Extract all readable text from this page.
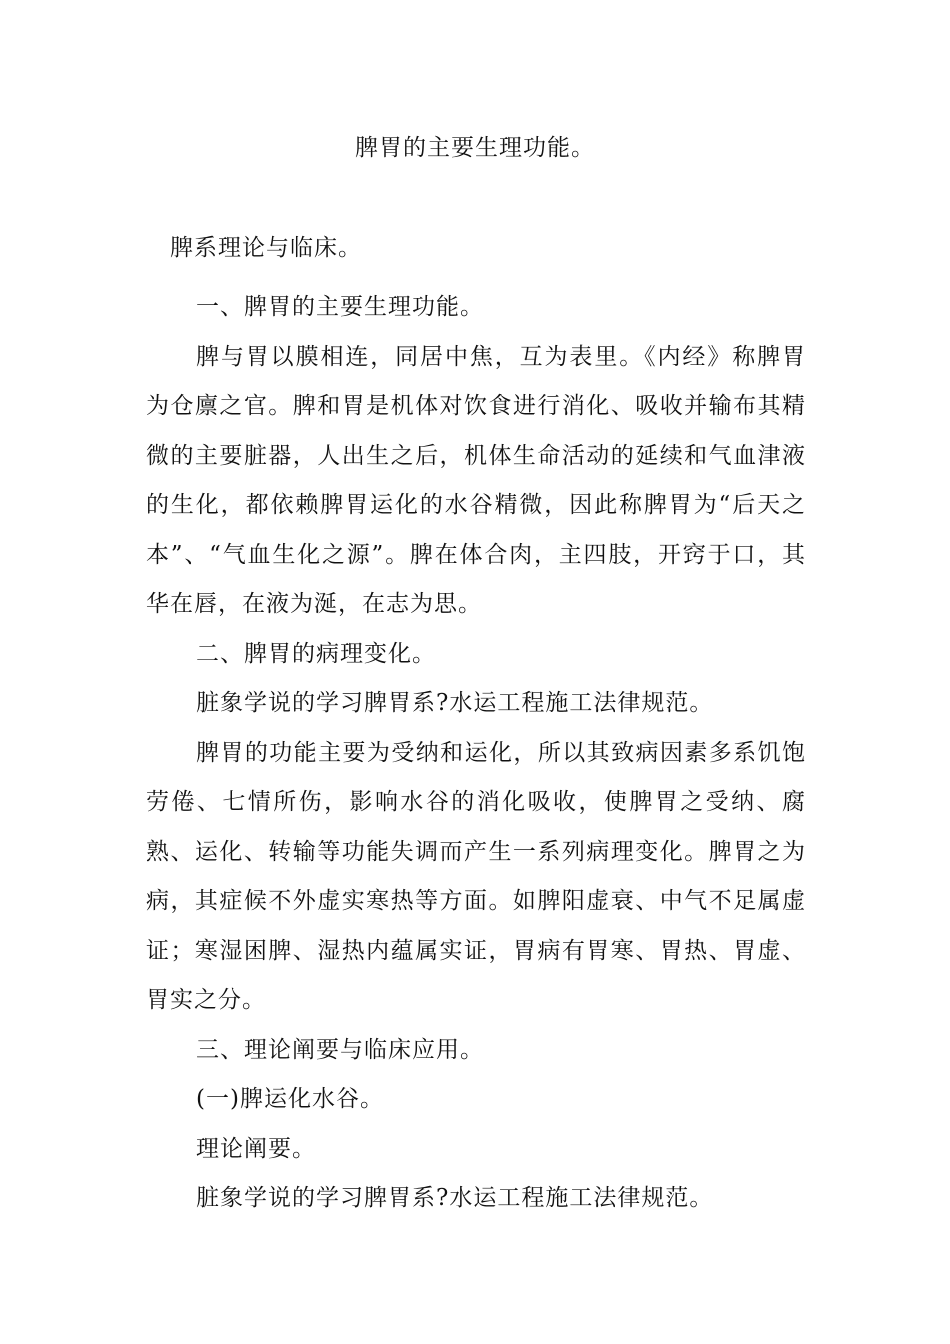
脾胃的主要生理功能。
脾系理论与临床。

一、脾胃的主要生理功能。

脾与胃以膜相连，同居中焦，互为表里。《内经》称脾胃为仓廪之官。脾和胃是机体对饮食进行消化、吸收并输布其精微的主要脏器，人出生之后，机体生命活动的延续和气血津液的生化，都依赖脾胃运化的水谷精微，因此称脾胃为“后天之本”、“气血生化之源”。脾在体合肉，主四肢，开窍于口，其华在唇，在液为涎，在志为思。

二、脾胃的病理变化。

脏象学说的学习脾胃系?水运工程施工法律规范。

脾胃的功能主要为受纳和运化，所以其致病因素多系饥饱劳倦、七情所伤，影响水谷的消化吸收，使脾胃之受纳、腐熟、运化、转输等功能失调而产生一系列病理变化。脾胃之为病，其症候不外虚实寒热等方面。如脾阳虚衰、中气不足属虚证；寒湿困脾、湿热内蕴属实证，胃病有胃寒、胃热、胃虚、胃实之分。

三、理论阐要与临床应用。

(一)脾运化水谷。

理论阐要。

脏象学说的学习脾胃系?水运工程施工法律规范。
